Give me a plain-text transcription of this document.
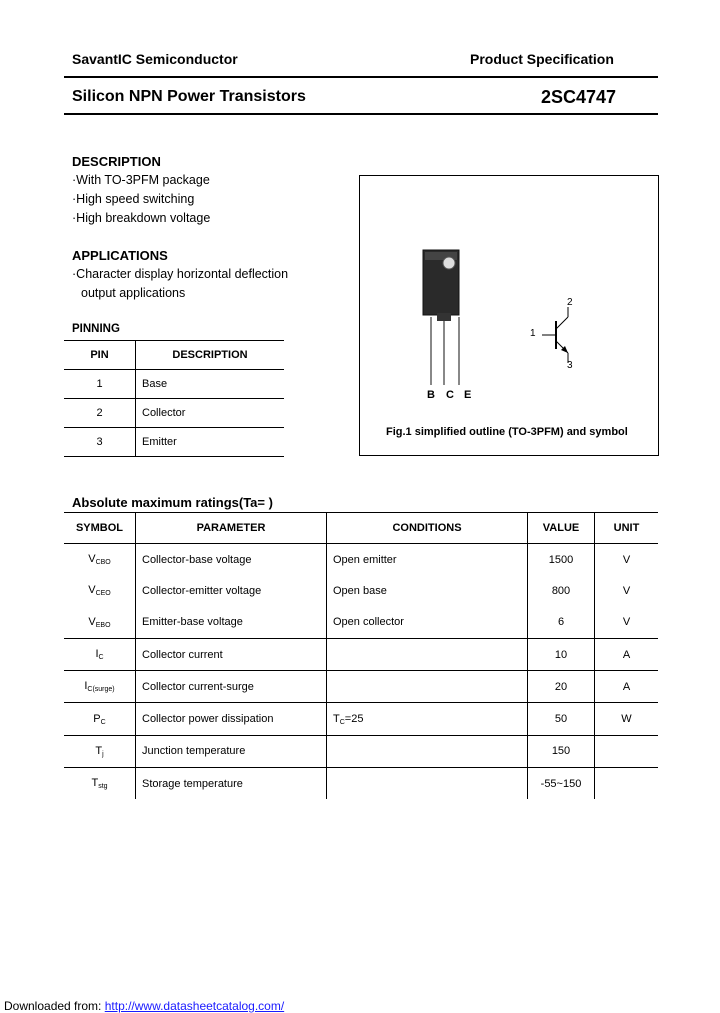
SavantIC Semiconductor	Product Specification
Silicon NPN Power Transistors	2SC4747
DESCRIPTION
·With TO-3PFM package
·High speed switching
·High breakdown voltage
APPLICATIONS
·Character display horizontal deflection
output applications
PINNING
PIN	DESCRIPTION
1	Base
2	Collector
3	Emitter
B C E
1
2
3
Fig.1 simplified outline (TO-3PFM) and symbol
Absolute maximum ratings(Ta= )
SYMBOL	PARAMETER	CONDITIONS	VALUE	UNIT
$V_{CBO}$	Collector-base voltage	Open emitter	1500	V
$V_{CEO}$	Collector-emitter voltage	Open base	800	V
$V_{EBO}$	Emitter-base voltage	Open collector	6	V
$I_C$	Collector current		10	A
$I_{C(surge)}$	Collector current-surge		20	A
$P_C$	Collector power dissipation	$T_C=25$	50	W
$T_j$	Junction temperature		150	
$T_{stg}$	Storage temperature		-55~150	
Downloaded from: http://www.datasheetcatalog.com/
